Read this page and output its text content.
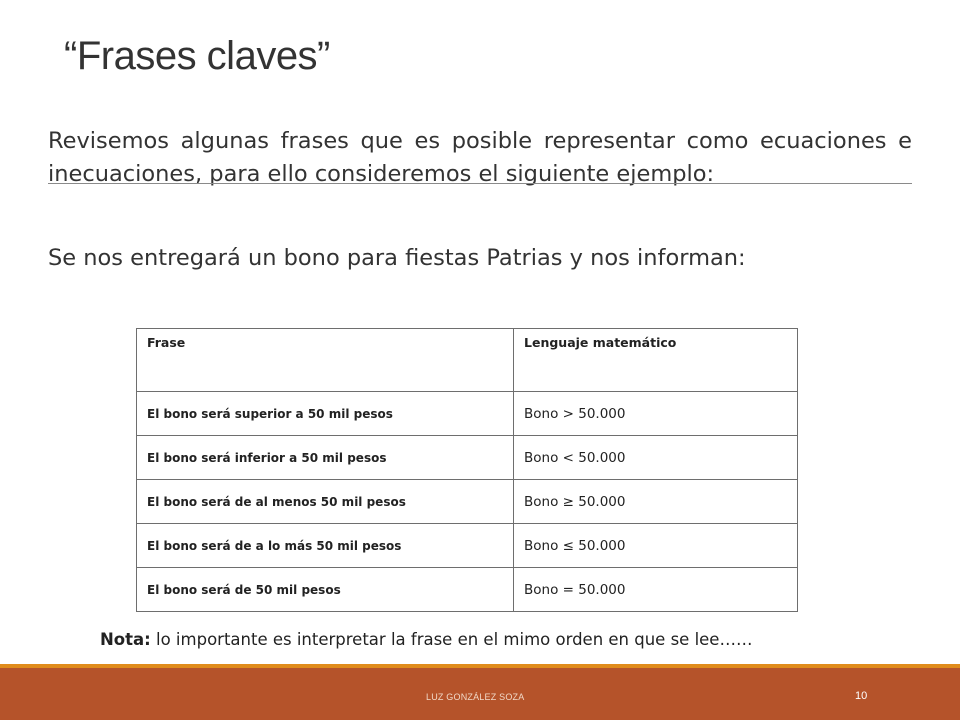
“Frases claves”

Revisemos algunas frases que es posible representar como ecuaciones e inecuaciones, para ello consideremos el siguiente ejemplo:

Se nos entregará un bono para fiestas Patrias y nos informan:

Frase	Lenguaje matemático
El bono será superior a 50 mil pesos	Bono > 50.000
El bono será inferior a 50 mil pesos	Bono < 50.000
El bono será de al menos 50 mil pesos	Bono ≥ 50.000
El bono será de a lo más 50 mil pesos	Bono ≤ 50.000
El bono será de 50 mil pesos	Bono = 50.000
Nota: lo importante es interpretar la frase en el mimo orden en que se lee……
LUZ GONZÁLEZ SOZA	10
